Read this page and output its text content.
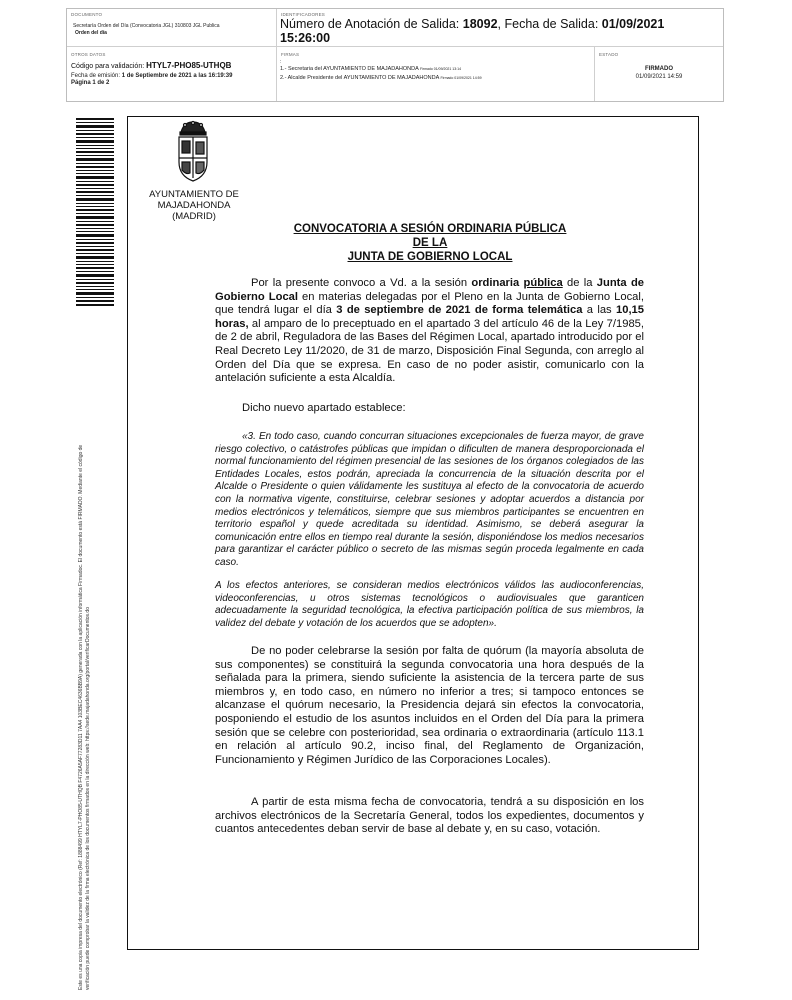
DOCUMENTO
Secretaría Orden del Día (Convocatoria JGL) 310803 JGL Publica
Orden del día
IDENTIFICADORES
Número de Anotación de Salida: 18092, Fecha de Salida: 01/09/2021
15:26:00
OTROS DATOS
Código para validación: HTYL7-PHO85-UTHQB
Fecha de emisión: 1 de Septiembre de 2021 a las 16:19:39
Página 1 de 2
FIRMAS
:
1.- Secretaria del AYUNTAMIENTO DE MAJADAHONDA Firmado 01/09/2021 13:14
2.- Alcalde Presidente del AYUNTAMIENTO DE MAJADAHONDA Firmado 01/09/2021 14:59
ESTADO
FIRMADO
01/09/2021 14:59
Este es una copia impresa del documento electrónico (Ref: 1888499 HTYL7-PHO85-UTHQB F4726A5AF77283D11 7AA4 103BEC4636BB9A) generada con la aplicación informática Firmadoc. El documento está FIRMADO. Mediante el código de verificación puede comprobar la validez de la firma electrónica de los documentos firmados en la dirección web: https://sede.majadahonda.org/portal/verificarDocumentos.do
AYUNTAMIENTO DE
MAJADAHONDA
(MADRID)
CONVOCATORIA A SESIÓN ORDINARIA PÚBLICA
DE LA
JUNTA DE GOBIERNO LOCAL

Por la presente convoco a Vd. a la sesión ordinaria pública de la Junta de Gobierno Local en materias delegadas por el Pleno en la Junta de Gobierno Local, que tendrá lugar el día 3 de septiembre de 2021 de forma telemática a las 10,15 horas, al amparo de lo preceptuado en el apartado 3 del artículo 46 de la Ley 7/1985, de 2 de abril, Reguladora de las Bases del Régimen Local, apartado introducido por el Real Decreto Ley 11/2020, de 31 de marzo, Disposición Final Segunda, con arreglo al Orden del Día que se expresa. En caso de no poder asistir, comunicarlo con la antelación suficiente a esta Alcaldía.

Dicho nuevo apartado establece:

«3. En todo caso, cuando concurran situaciones excepcionales de fuerza mayor, de grave riesgo colectivo, o catástrofes públicas que impidan o dificulten de manera desproporcionada el normal funcionamiento del régimen presencial de las sesiones de los órganos colegiados de las Entidades Locales, estos podrán, apreciada la concurrencia de la situación descrita por el Alcalde o Presidente o quien válidamente les sustituya al efecto de la convocatoria de acuerdo con la normativa vigente, constituirse, celebrar sesiones y adoptar acuerdos a distancia por medios electrónicos y telemáticos, siempre que sus miembros participantes se encuentren en territorio español y quede acreditada su identidad. Asimismo, se deberá asegurar la comunicación entre ellos en tiempo real durante la sesión, disponiéndose los medios necesarios para garantizar el carácter público o secreto de las mismas según proceda legalmente en cada caso.

A los efectos anteriores, se consideran medios electrónicos válidos las audioconferencias, videoconferencias, u otros sistemas tecnológicos o audiovisuales que garanticen adecuadamente la seguridad tecnológica, la efectiva participación política de sus miembros, la validez del debate y votación de los acuerdos que se adopten».

De no poder celebrarse la sesión por falta de quórum (la mayoría absoluta de sus componentes) se constituirá la segunda convocatoria una hora después de la señalada para la primera, siendo suficiente la asistencia de la tercera parte de sus miembros y, en todo caso, en número no inferior a tres; si tampoco entonces se alcanzase el quórum necesario, la Presidencia dejará sin efectos la convocatoria, posponiendo el estudio de los asuntos incluidos en el Orden del Día para la primera sesión que se celebre con posterioridad, sea ordinaria o extraordinaria (artículo 113.1 en relación al artículo 90.2, inciso final, del Reglamento de Organización, Funcionamiento y Régimen Jurídico de las Corporaciones Locales).

A partir de esta misma fecha de convocatoria, tendrá a su disposición en los archivos electrónicos de la Secretaría General, todos los expedientes, documentos y cuantos antecedentes deban servir de base al debate y, en su caso, votación.
